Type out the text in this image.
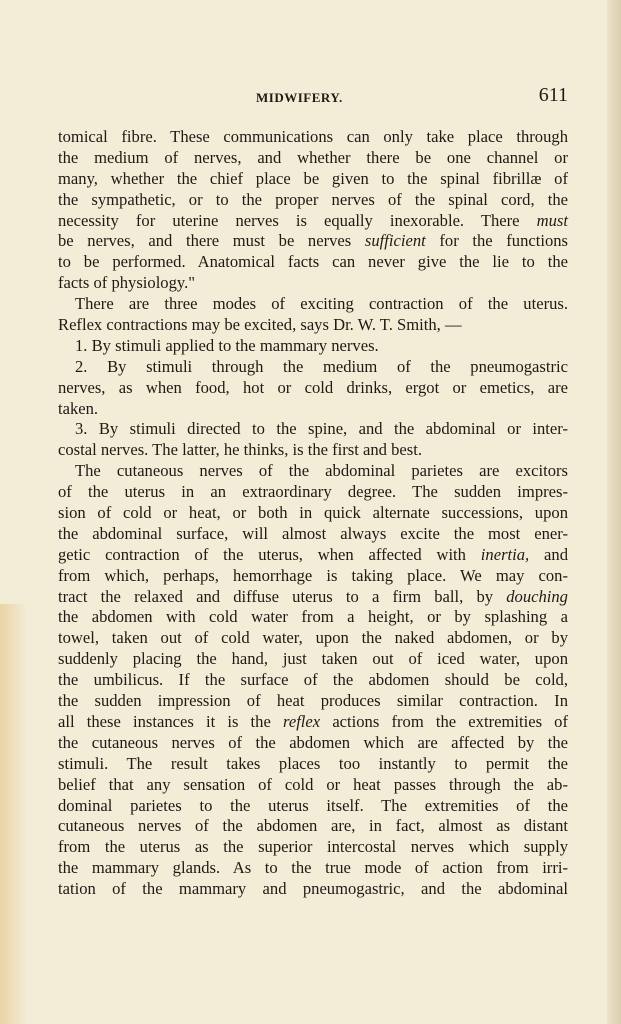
MIDWIFERY.	611
tomical fibre. These communications can only take place through
the medium of nerves, and whether there be one channel or
many, whether the chief place be given to the spinal fibrillæ of
the sympathetic, or to the proper nerves of the spinal cord, the
necessity for uterine nerves is equally inexorable. There must
be nerves, and there must be nerves sufficient for the functions
to be performed. Anatomical facts can never give the lie to the
facts of physiology."
There are three modes of exciting contraction of the uterus.
Reflex contractions may be excited, says Dr. W. T. Smith, —
1. By stimuli applied to the mammary nerves.
2. By stimuli through the medium of the pneumogastric
nerves, as when food, hot or cold drinks, ergot or emetics, are
taken.
3. By stimuli directed to the spine, and the abdominal or inter-
costal nerves. The latter, he thinks, is the first and best.
The cutaneous nerves of the abdominal parietes are excitors
of the uterus in an extraordinary degree. The sudden impres-
sion of cold or heat, or both in quick alternate successions, upon
the abdominal surface, will almost always excite the most ener-
getic contraction of the uterus, when affected with inertia, and
from which, perhaps, hemorrhage is taking place. We may con-
tract the relaxed and diffuse uterus to a firm ball, by douching
the abdomen with cold water from a height, or by splashing a
towel, taken out of cold water, upon the naked abdomen, or by
suddenly placing the hand, just taken out of iced water, upon
the umbilicus. If the surface of the abdomen should be cold,
the sudden impression of heat produces similar contraction. In
all these instances it is the reflex actions from the extremities of
the cutaneous nerves of the abdomen which are affected by the
stimuli. The result takes places too instantly to permit the
belief that any sensation of cold or heat passes through the ab-
dominal parietes to the uterus itself. The extremities of the
cutaneous nerves of the abdomen are, in fact, almost as distant
from the uterus as the superior intercostal nerves which supply
the mammary glands. As to the true mode of action from irri-
tation of the mammary and pneumogastric, and the abdominal
